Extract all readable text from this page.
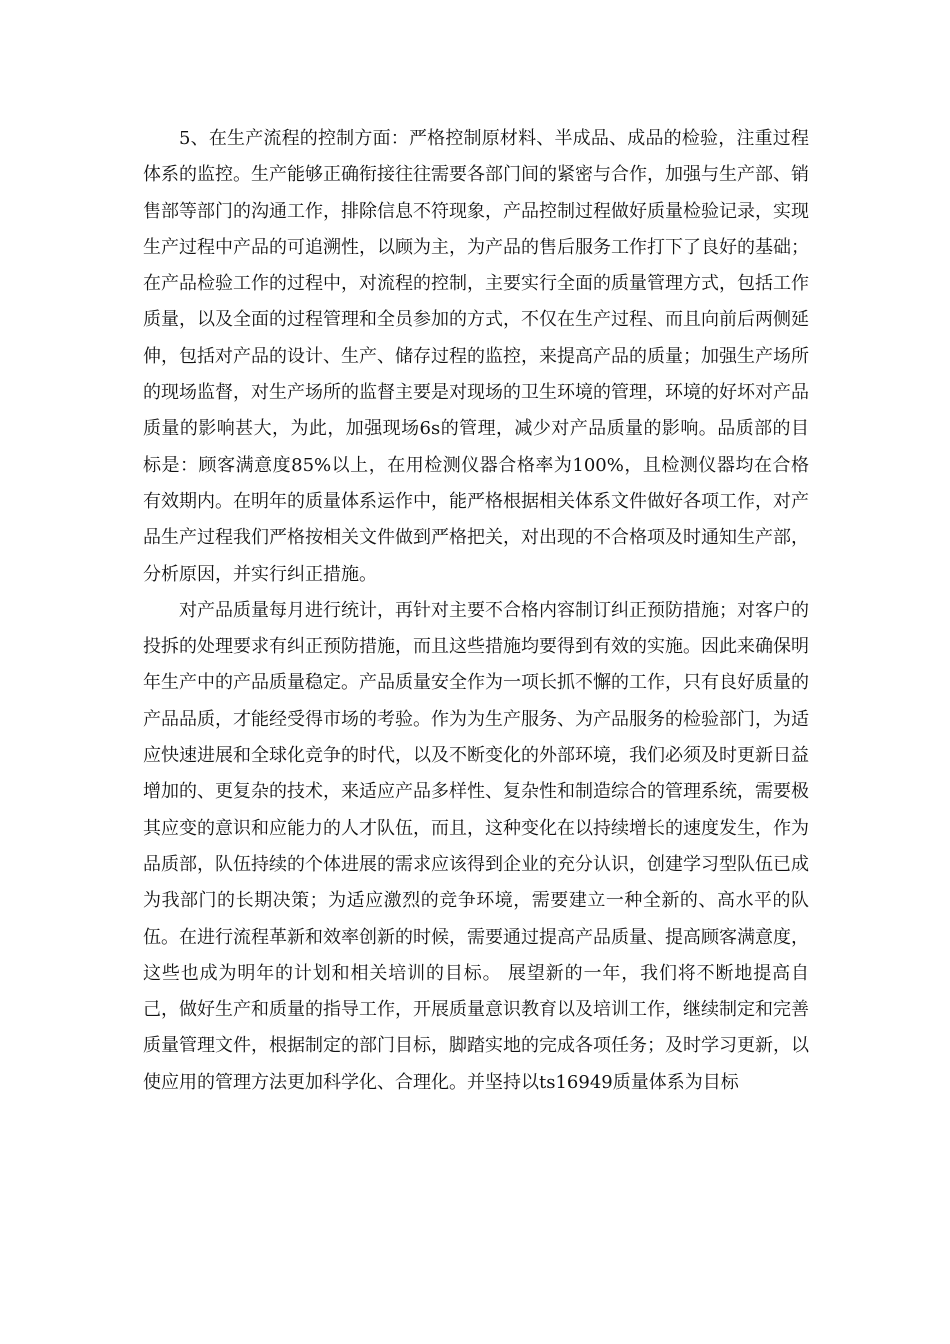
5、在生产流程的控制方面：严格控制原材料、半成品、成品的检验，注重过程体系的监控。生产能够正确衔接往往需要各部门间的紧密与合作，加强与生产部、销售部等部门的沟通工作，排除信息不符现象，产品控制过程做好质量检验记录，实现生产过程中产品的可追溯性，以顾为主，为产品的售后服务工作打下了良好的基础；在产品检验工作的过程中，对流程的控制，主要实行全面的质量管理方式，包括工作质量，以及全面的过程管理和全员参加的方式，不仅在生产过程、而且向前后两侧延伸，包括对产品的设计、生产、储存过程的监控，来提高产品的质量；加强生产场所的现场监督，对生产场所的监督主要是对现场的卫生环境的管理，环境的好坏对产品质量的影响甚大，为此，加强现场6s的管理，减少对产品质量的影响。品质部的目标是：顾客满意度85%以上，在用检测仪器合格率为100%，且检测仪器均在合格有效期内。在明年的质量体系运作中，能严格根据相关体系文件做好各项工作，对产品生产过程我们严格按相关文件做到严格把关，对出现的不合格项及时通知生产部，分析原因，并实行纠正措施。

对产品质量每月进行统计，再针对主要不合格内容制订纠正预防措施；对客户的投拆的处理要求有纠正预防措施，而且这些措施均要得到有效的实施。因此来确保明年生产中的产品质量稳定。产品质量安全作为一项长抓不懈的工作，只有良好质量的产品品质，才能经受得市场的考验。作为为生产服务、为产品服务的检验部门，为适应快速进展和全球化竞争的时代，以及不断变化的外部环境，我们必须及时更新日益增加的、更复杂的技术，来适应产品多样性、复杂性和制造综合的管理系统，需要极其应变的意识和应能力的人才队伍，而且，这种变化在以持续增长的速度发生，作为品质部，队伍持续的个体进展的需求应该得到企业的充分认识，创建学习型队伍已成为我部门的长期决策；为适应激烈的竞争环境，需要建立一种全新的、高水平的队伍。在进行流程革新和效率创新的时候，需要通过提高产品质量、提高顾客满意度，这些也成为明年的计划和相关培训的目标。 展望新的一年，我们将不断地提高自己，做好生产和质量的指导工作，开展质量意识教育以及培训工作，继续制定和完善质量管理文件，根据制定的部门目标，脚踏实地的完成各项任务；及时学习更新，以使应用的管理方法更加科学化、合理化。并坚持以ts16949质量体系为目标
